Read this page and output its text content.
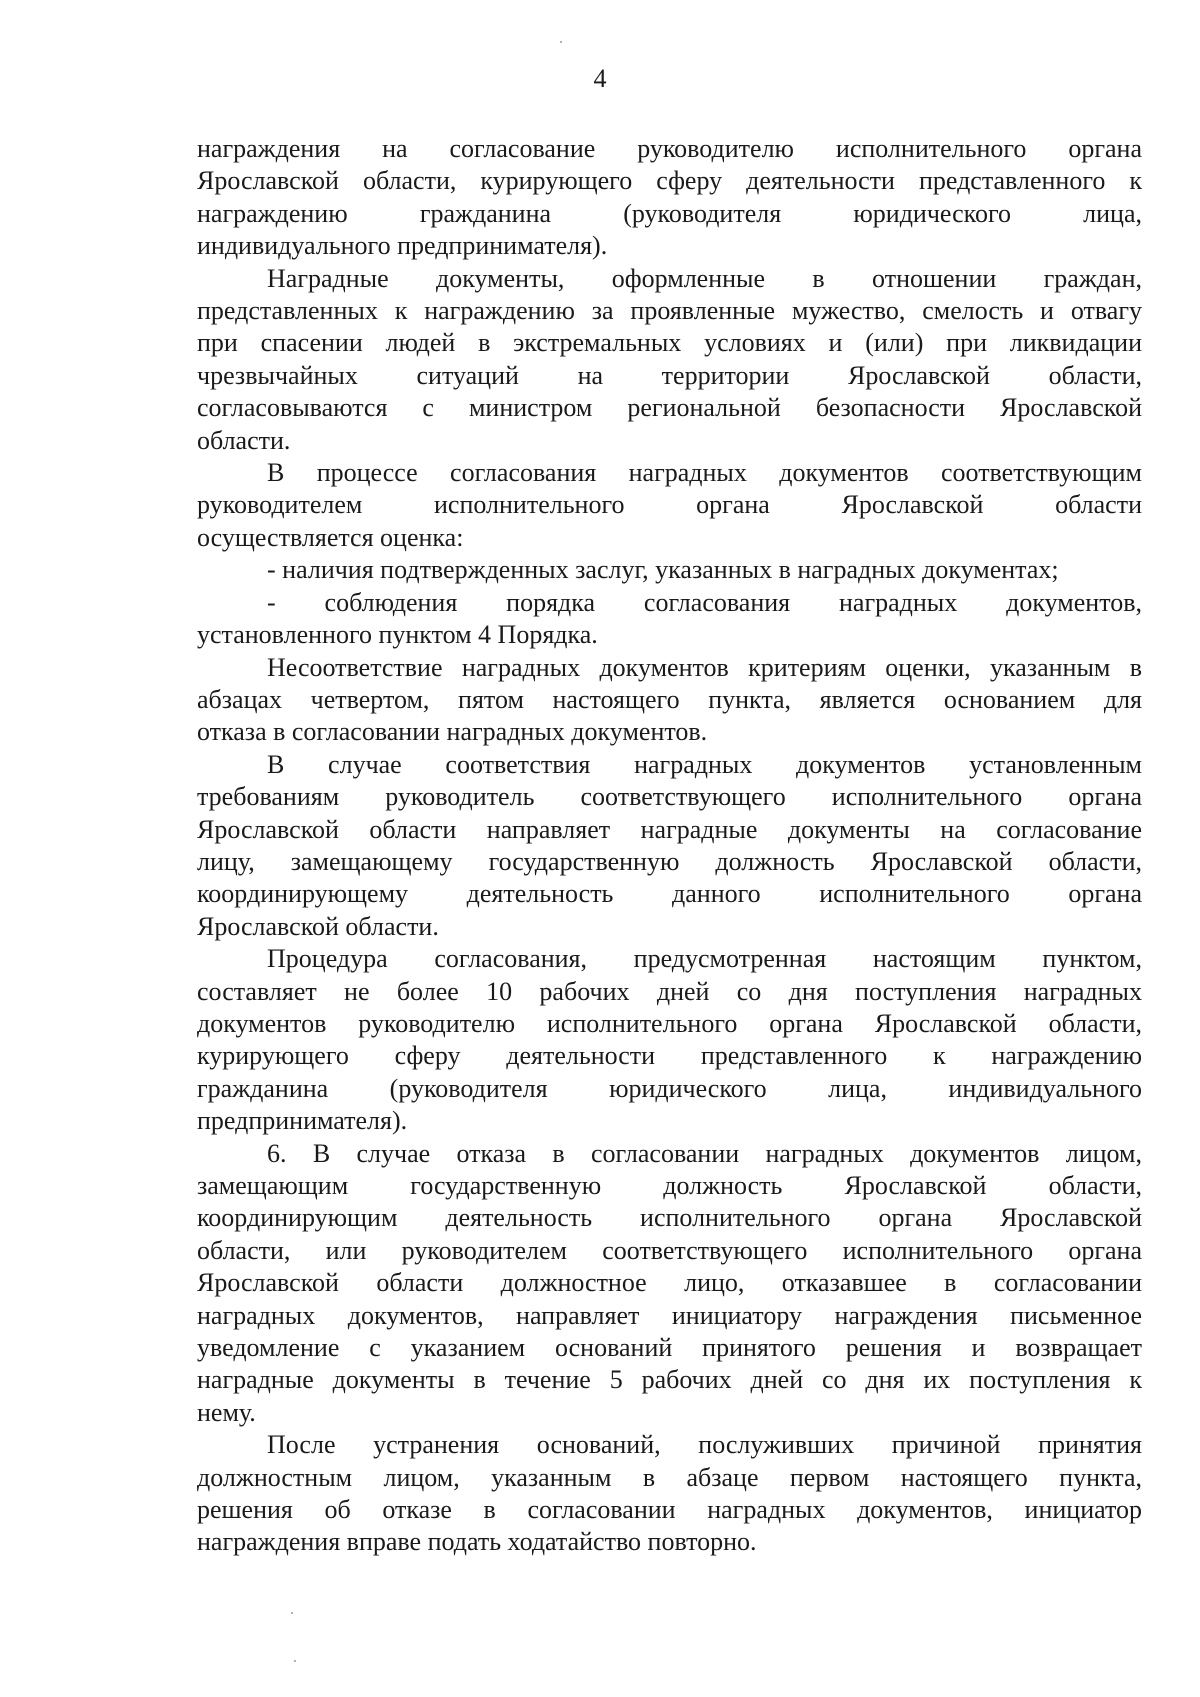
4

награждения на согласование руководителю исполнительного органа

Ярославской области, курирующего сферу деятельности представленного к

награждению гражданина (руководителя юридического лица,

индивидуального предпринимателя).

Наградные документы, оформленные в отношении граждан,

представленных к награждению за проявленные мужество, смелость и отвагу

при спасении людей в экстремальных условиях и (или) при ликвидации

чрезвычайных ситуаций на территории Ярославской области,

согласовываются с министром региональной безопасности Ярославской

области.

В процессе согласования наградных документов соответствующим

руководителем исполнительного органа Ярославской области

осуществляется оценка:

- наличия подтвержденных заслуг, указанных в наградных документах;

- соблюдения порядка согласования наградных документов,

установленного пунктом 4 Порядка.

Несоответствие наградных документов критериям оценки, указанным в

абзацах четвертом, пятом настоящего пункта, является основанием для

отказа в согласовании наградных документов.

В случае соответствия наградных документов установленным

требованиям руководитель соответствующего исполнительного органа

Ярославской области направляет наградные документы на согласование

лицу, замещающему государственную должность Ярославской области,

координирующему деятельность данного исполнительного органа

Ярославской области.

Процедура согласования, предусмотренная настоящим пунктом,

составляет не более 10 рабочих дней со дня поступления наградных

документов руководителю исполнительного органа Ярославской области,

курирующего сферу деятельности представленного к награждению

гражданина (руководителя юридического лица, индивидуального

предпринимателя).

6. В случае отказа в согласовании наградных документов лицом,

замещающим государственную должность Ярославской области,

координирующим деятельность исполнительного органа Ярославской

области, или руководителем соответствующего исполнительного органа

Ярославской области должностное лицо, отказавшее в согласовании

наградных документов, направляет инициатору награждения письменное

уведомление с указанием оснований принятого решения и возвращает

наградные документы в течение 5 рабочих дней со дня их поступления к

нему.

После устранения оснований, послуживших причиной принятия

должностным лицом, указанным в абзаце первом настоящего пункта,

решения об отказе в согласовании наградных документов, инициатор

награждения вправе подать ходатайство повторно.
